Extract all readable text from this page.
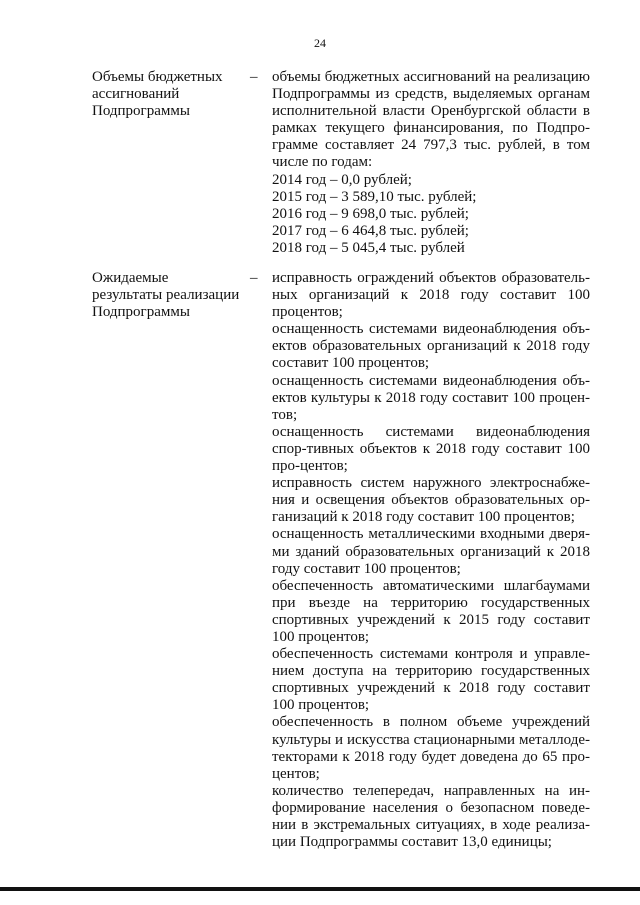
24
Объемы бюджетных
ассигнований
Подпрограммы
– объемы бюджетных ассигнований на реализацию Подпрограммы из средств, выделяемых органам исполнительной власти Оренбургской области в рамках текущего финансирования, по Подпро-грамме составляет 24 797,3 тыс. рублей, в том числе по годам:
2014 год – 0,0 рублей;
2015 год – 3 589,10 тыс. рублей;
2016 год – 9 698,0 тыс. рублей;
2017 год – 6 464,8 тыс. рублей;
2018 год – 5 045,4 тыс. рублей
Ожидаемые
результаты реализации
Подпрограммы
– исправность ограждений объектов образователь-ных организаций к 2018 году составит 100 процентов;
оснащенность системами видеонаблюдения объ-ектов образовательных организаций к 2018 году составит 100 процентов;
оснащенность системами видеонаблюдения объ-ектов культуры к 2018 году составит 100 процен-тов;
оснащенность системами видеонаблюдения спор-тивных объектов к 2018 году составит 100 про-центов;
исправность систем наружного электроснабже-ния и освещения объектов образовательных ор-ганизаций к 2018 году составит 100 процентов;
оснащенность металлическими входными дверя-ми зданий образовательных организаций к 2018 году составит 100 процентов;
обеспеченность автоматическими шлагбаумами при въезде на территорию государственных спортивных учреждений к 2015 году составит 100 процентов;
обеспеченность системами контроля и управле-нием доступа на территорию государственных спортивных учреждений к 2018 году составит 100 процентов;
обеспеченность в полном объеме учреждений культуры и искусства стационарными металлоде-текторами к 2018 году будет доведена до 65 про-центов;
количество телепередач, направленных на ин-формирование населения о безопасном поведе-нии в экстремальных ситуациях, в ходе реализа-ции Подпрограммы составит 13,0 единицы;
